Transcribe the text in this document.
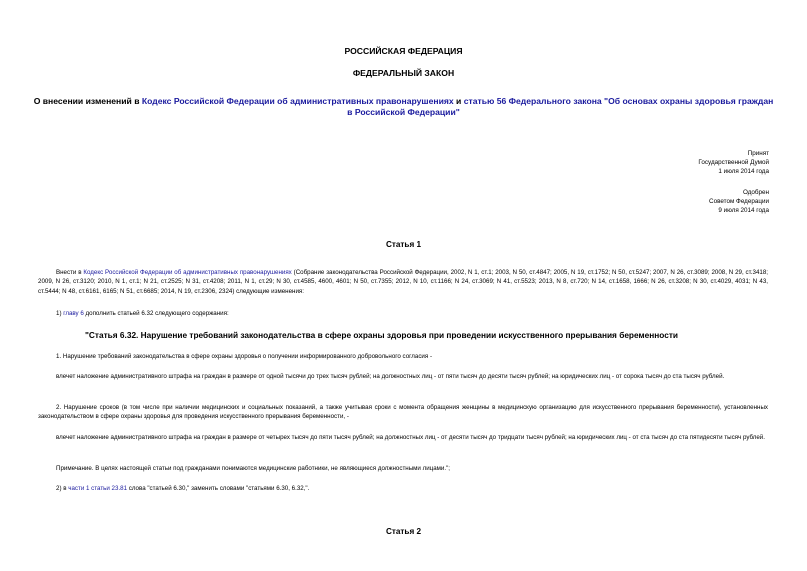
РОССИЙСКАЯ ФЕДЕРАЦИЯ
ФЕДЕРАЛЬНЫЙ ЗАКОН
О внесении изменений в Кодекс Российской Федерации об административных правонарушениях и статью 56 Федерального закона "Об основах охраны здоровья граждан в Российской Федерации"
Принят
Государственной Думой
1 июля 2014 года
Одобрен
Советом Федерации
9 июля 2014 года
Статья 1
Внести в Кодекс Российской Федерации об административных правонарушениях (Собрание законодательства Российской Федерации, 2002, N 1, ст.1; 2003, N 50, ст.4847; 2005, N 19, ст.1752; N 50, ст.5247; 2007, N 26, ст.3089; 2008, N 29, ст.3418; 2009, N 26, ст.3120; 2010, N 1, ст.1; N 21, ст.2525; N 31, ст.4208; 2011, N 1, ст.29; N 30, ст.4585, 4600, 4601; N 50, ст.7355; 2012, N 10, ст.1166; N 24, ст.3069; N 41, ст.5523; 2013, N 8, ст.720; N 14, ст.1658, 1666; N 26, ст.3208; N 30, ст.4029, 4031; N 43, ст.5444; N 48, ст.6161, 6165; N 51, ст.6685; 2014, N 19, ст.2306, 2324) следующие изменения:
1) главу 6 дополнить статьей 6.32 следующего содержания:
"Статья 6.32. Нарушение требований законодательства в сфере охраны здоровья при проведении искусственного прерывания беременности
1. Нарушение требований законодательства в сфере охраны здоровья о получении информированного добровольного согласия -
влечет наложение административного штрафа на граждан в размере от одной тысячи до трех тысяч рублей; на должностных лиц - от пяти тысяч до десяти тысяч рублей; на юридических лиц - от сорока тысяч до ста тысяч рублей.
2. Нарушение сроков (в том числе при наличии медицинских и социальных показаний, а также учитывая сроки с момента обращения женщины в медицинскую организацию для искусственного прерывания беременности), установленных законодательством в сфере охраны здоровья для проведения искусственного прерывания беременности, -
влечет наложение административного штрафа на граждан в размере от четырех тысяч до пяти тысяч рублей; на должностных лиц - от десяти тысяч до тридцати тысяч рублей; на юридических лиц - от ста тысяч до ста пятидесяти тысяч рублей.
Примечание. В целях настоящей статьи под гражданами понимаются медицинские работники, не являющиеся должностными лицами.";
2) в части 1 статьи 23.81 слова "статьей 6.30," заменить словами "статьями 6.30, 6.32,".
Статья 2
